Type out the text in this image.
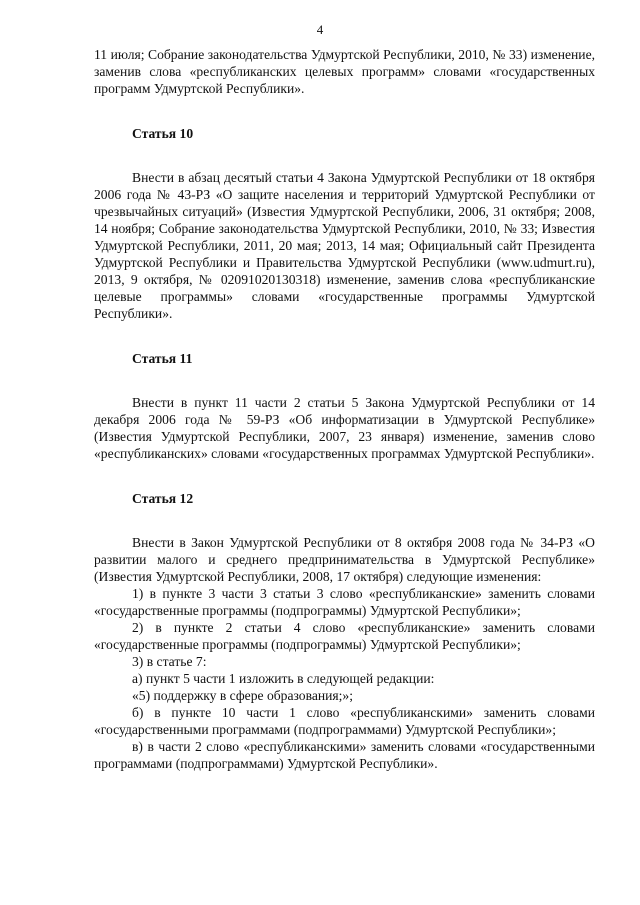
4

11 июля; Собрание законодательства Удмуртской Республики, 2010, № 33) изменение, заменив слова «республиканских целевых программ» словами «государственных программ Удмуртской Республики».

Статья 10

Внести в абзац десятый статьи 4 Закона Удмуртской Республики от 18 октября 2006 года № 43-РЗ «О защите населения и территорий Удмуртской Республики от чрезвычайных ситуаций» (Известия Удмуртской Республики, 2006, 31 октября; 2008, 14 ноября; Собрание законодательства Удмуртской Республики, 2010, № 33; Известия Удмуртской Республики, 2011, 20 мая; 2013, 14 мая; Официальный сайт Президента Удмуртской Республики и Правительства Удмуртской Республики (www.udmurt.ru), 2013, 9 октября, № 02091020130318) изменение, заменив слова «республиканские целевые программы» словами «государственные программы Удмуртской Республики».

Статья 11

Внести в пункт 11 части 2 статьи 5 Закона Удмуртской Республики от 14 декабря 2006 года № 59-РЗ «Об информатизации в Удмуртской Республике» (Известия Удмуртской Республики, 2007, 23 января) изменение, заменив слово «республиканских» словами «государственных программах Удмуртской Республики».

Статья 12

Внести в Закон Удмуртской Республики от 8 октября 2008 года № 34-РЗ «О развитии малого и среднего предпринимательства в Удмуртской Республике» (Известия Удмуртской Республики, 2008, 17 октября) следующие изменения:

1) в пункте 3 части 3 статьи 3 слово «республиканские» заменить словами «государственные программы (подпрограммы) Удмуртской Республики»;

2) в пункте 2 статьи 4 слово «республиканские» заменить словами «государственные программы (подпрограммы) Удмуртской Республики»;

3) в статье 7:

а) пункт 5 части 1 изложить в следующей редакции:

«5) поддержку в сфере образования;»;

б) в пункте 10 части 1 слово «республиканскими» заменить словами «государственными программами (подпрограммами) Удмуртской Республики»;

в) в части 2 слово «республиканскими» заменить словами «государственными программами (подпрограммами) Удмуртской Республики».
